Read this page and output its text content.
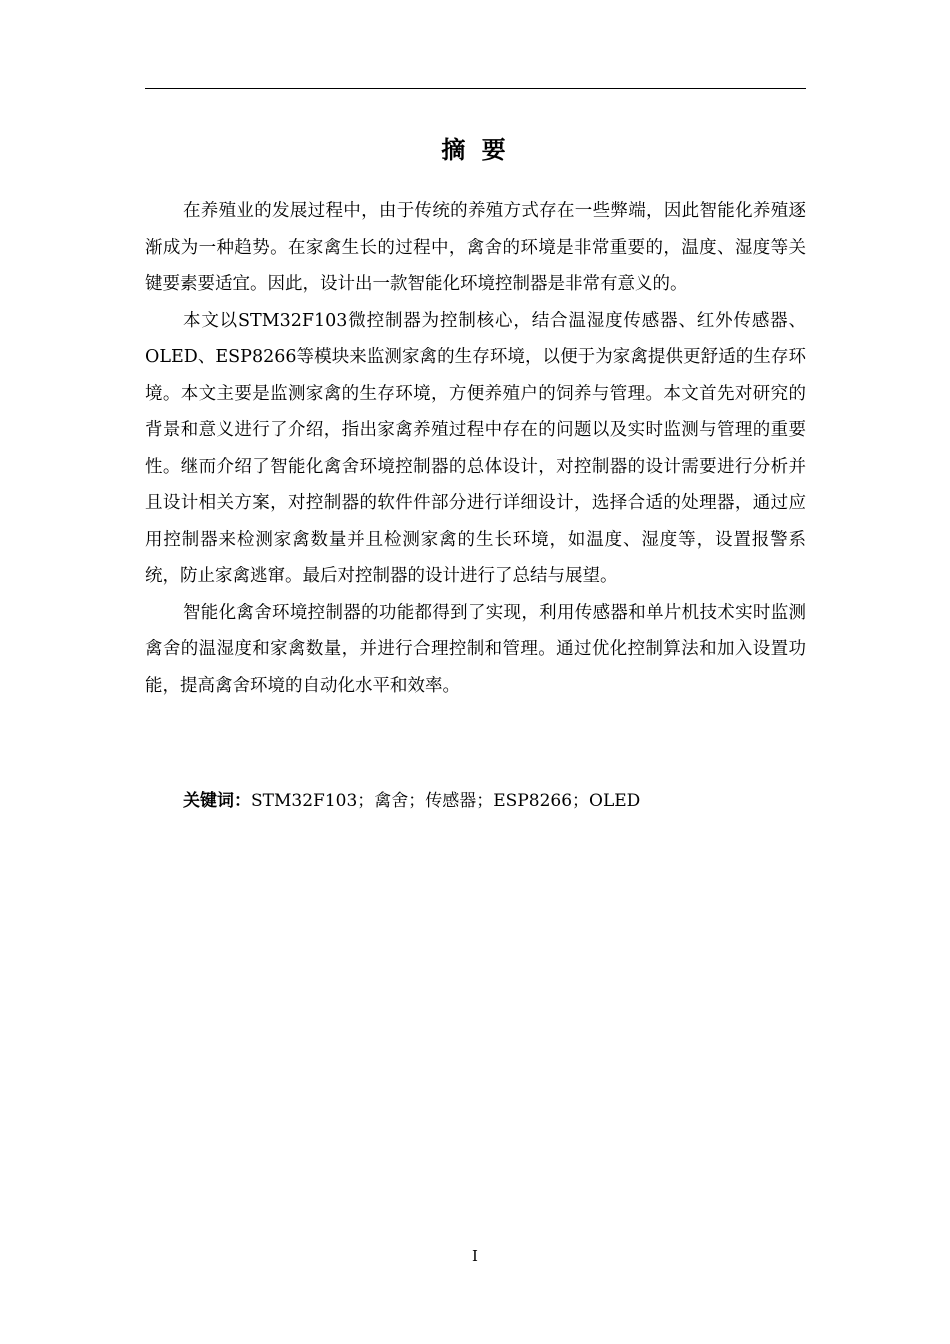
摘 要

在养殖业的发展过程中，由于传统的养殖方式存在一些弊端，因此智能化养殖逐渐成为一种趋势。在家禽生长的过程中，禽舍的环境是非常重要的，温度、湿度等关键要素要适宜。因此，设计出一款智能化环境控制器是非常有意义的。

本文以STM32F103微控制器为控制核心，结合温湿度传感器、红外传感器、OLED、ESP8266等模块来监测家禽的生存环境，以便于为家禽提供更舒适的生存环境。本文主要是监测家禽的生存环境，方便养殖户的饲养与管理。本文首先对研究的背景和意义进行了介绍，指出家禽养殖过程中存在的问题以及实时监测与管理的重要性。继而介绍了智能化禽舍环境控制器的总体设计，对控制器的设计需要进行分析并且设计相关方案，对控制器的软件件部分进行详细设计，选择合适的处理器，通过应用控制器来检测家禽数量并且检测家禽的生长环境，如温度、湿度等，设置报警系统，防止家禽逃窜。最后对控制器的设计进行了总结与展望。

智能化禽舍环境控制器的功能都得到了实现，利用传感器和单片机技术实时监测禽舍的温湿度和家禽数量，并进行合理控制和管理。通过优化控制算法和加入设置功能，提高禽舍环境的自动化水平和效率。

关键词：STM32F103；禽舍；传感器；ESP8266；OLED
I
